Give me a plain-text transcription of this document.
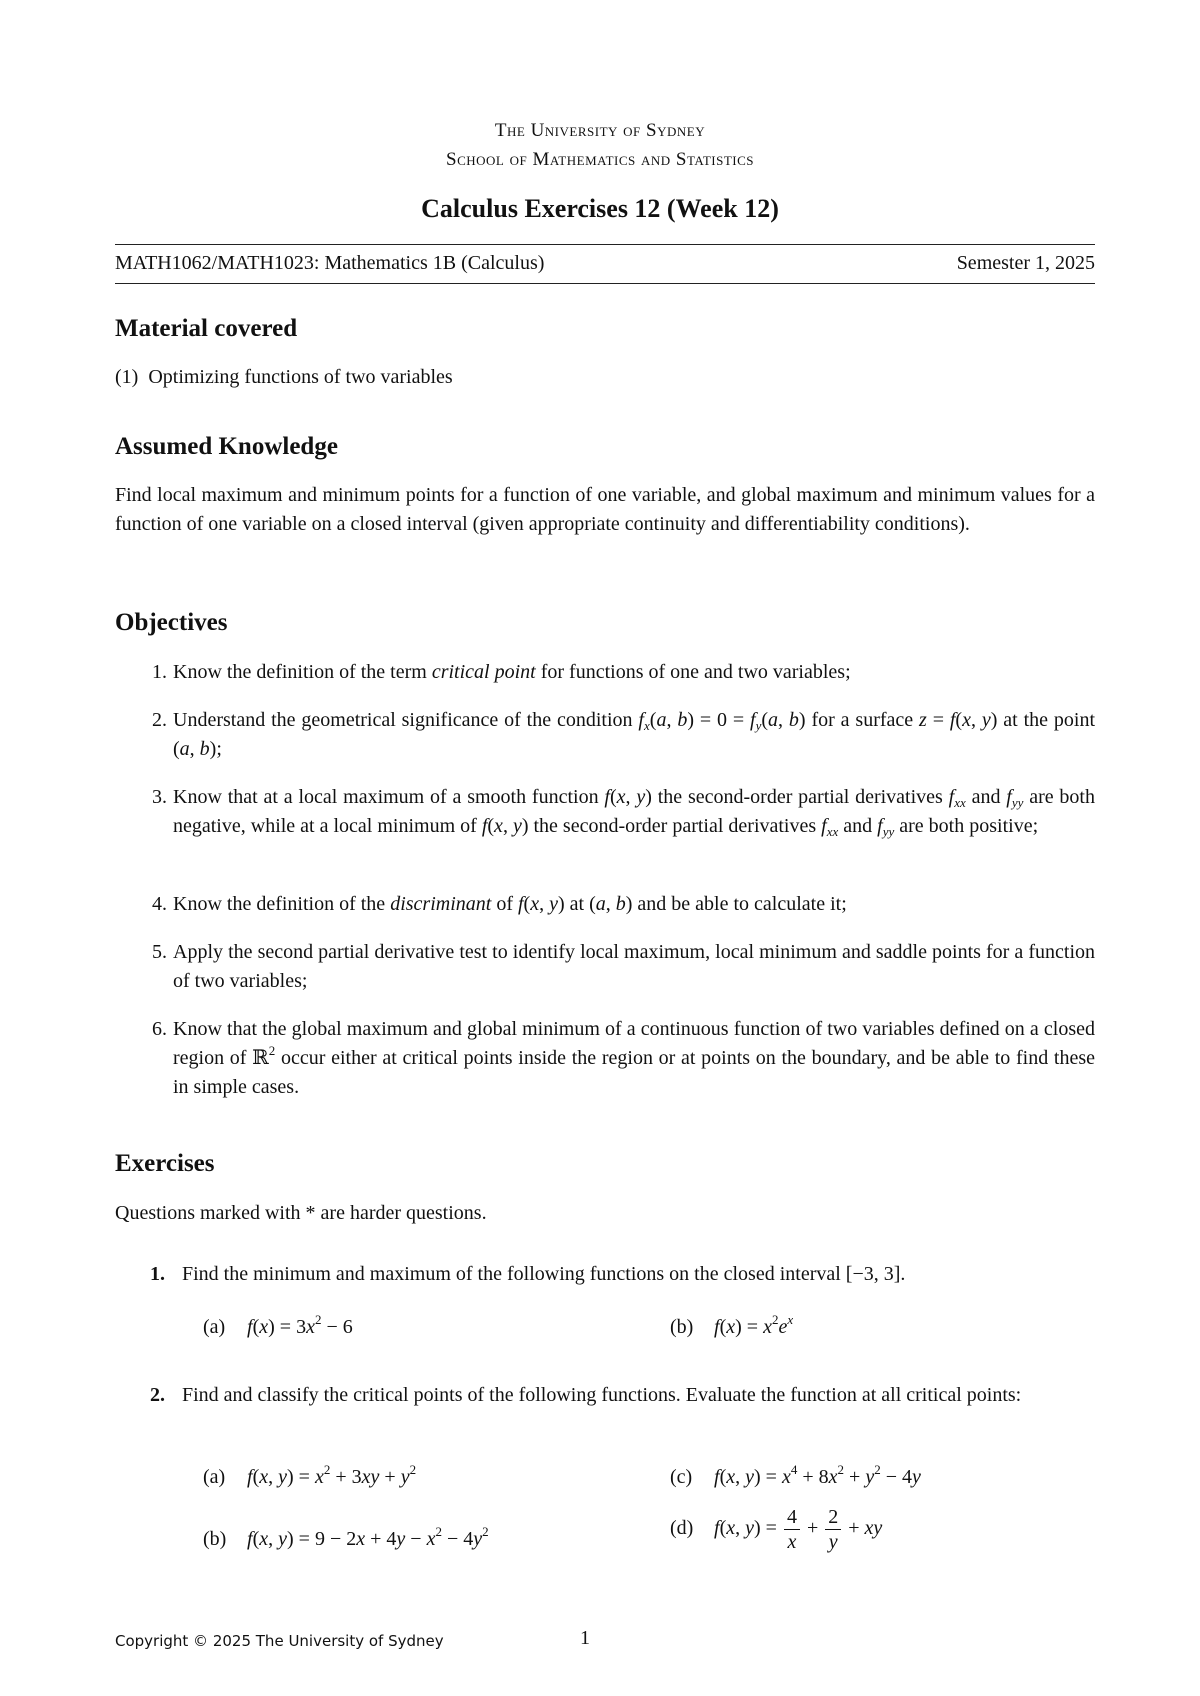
The University of Sydney
School of Mathematics and Statistics
Calculus Exercises 12 (Week 12)
MATH1062/MATH1023: Mathematics 1B (Calculus)	Semester 1, 2025
Material covered
(1)  Optimizing functions of two variables
Assumed Knowledge
Find local maximum and minimum points for a function of one variable, and global maximum and minimum values for a function of one variable on a closed interval (given appropriate continuity and differentiability conditions).
Objectives
1. Know the definition of the term critical point for functions of one and two variables;
2. Understand the geometrical significance of the condition $f_x(a$, $b) = 0 = f_y(a$, b) for a surface z = f(x, y) at the point (a, b);
3. Know that at a local maximum of a smooth function f(x, y) the second-order partial derivatives $f_{xx}$ and $f_{yy}$ are both negative, while at a local minimum of f(x, y) the second-order partial derivatives $f_{xx}$ and $f_{yy}$ are both positive;
4. Know the definition of the discriminant of f(x, y) at (a, b) and be able to calculate it;
5. Apply the second partial derivative test to identify local maximum, local minimum and saddle points for a function of two variables;
6. Know that the global maximum and global minimum of a continuous function of two variables defined on a closed region of ℝ$^2$ occur either at critical points inside the region or at points on the boundary, and be able to find these in simple cases.
Exercises
Questions marked with * are harder questions.
1. Find the minimum and maximum of the following functions on the closed interval [−3, 3].
(a) $f(x) = 3x^2 - 6$	(b) $f(x) = x^2e^x$
2. Find and classify the critical points of the following functions. Evaluate the function at all critical points:
(a) f(x, $y) = x^2 + 3xy + y^2$
(b) f(x, $y) = 9 - 2x + 4y - x^2 - 4y^2$
(c) f(x, $y) = x^4 + 8x^2 + y^2 - 4y$
(d) f(x, $y) = \frac{4}{x} + \frac{2}{y}$ + xy
Copyright © 2025 The University of Sydney	1
